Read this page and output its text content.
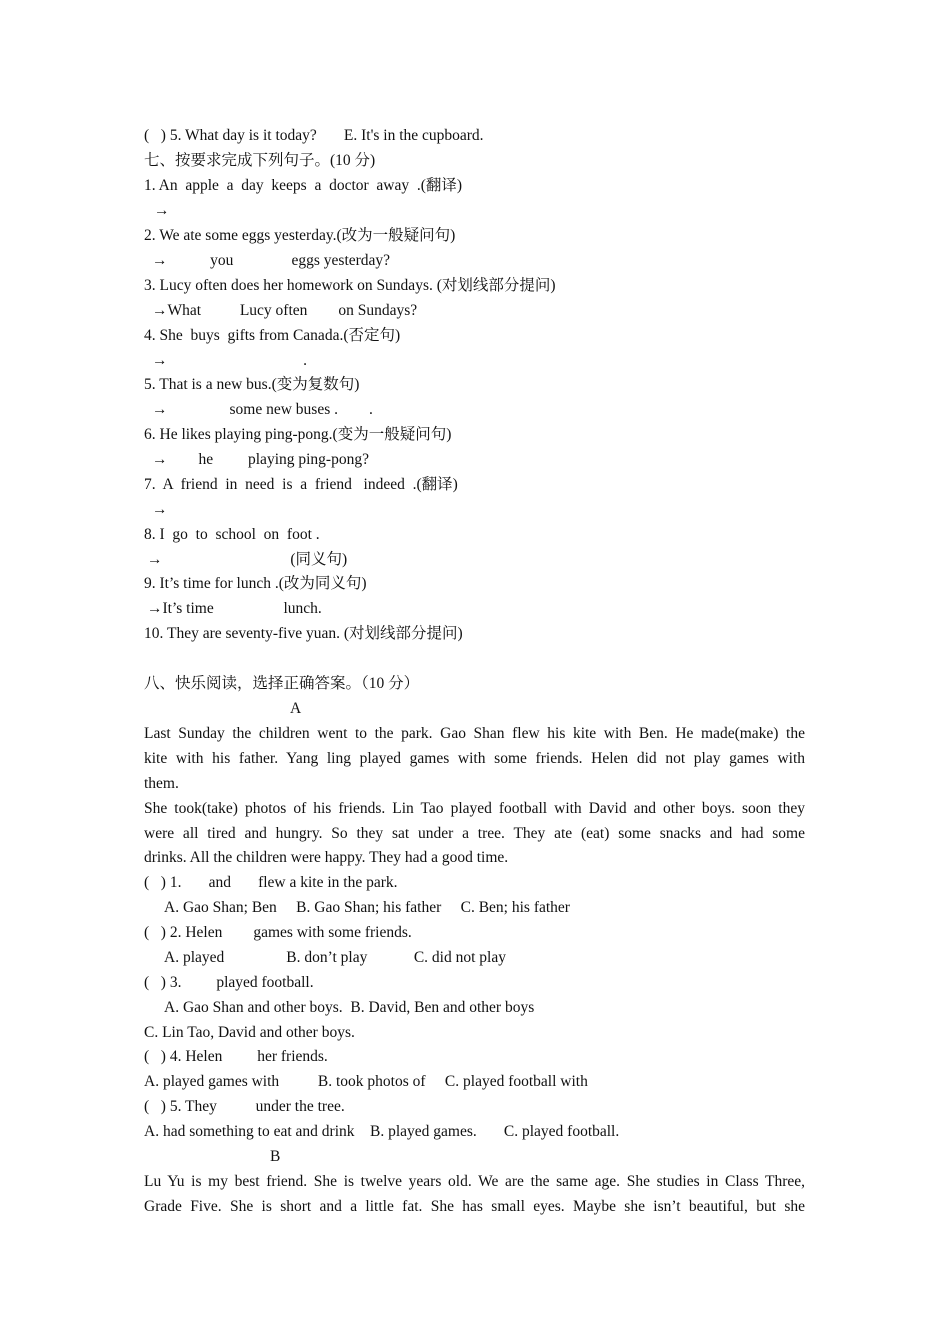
(   ) 5. What day is it today?       E. It's in the cupboard.
七、按要求完成下列句子。(10 分)
1. An  apple  a  day  keeps  a  doctor  away  .(翻译)
→
2. We ate some eggs yesterday.(改为一般疑问句)
→           you               eggs yesterday?
3. Lucy often does her homework on Sundays. (对划线部分提问)
→What          Lucy often        on Sundays?
4. She  buys  gifts from Canada.(否定句)
→                                   .
5. That is a new bus.(变为复数句)
→                some new buses .        .
6. He likes playing ping-pong.(变为一般疑问句)
→        he         playing ping-pong?
7.  A  friend  in  need  is  a  friend   indeed  .(翻译)
→
8. I  go  to  school  on  foot .
→                                 (同义句)
9. It’s time for lunch .(改为同义句)
→It’s time                  lunch.
10. They are seventy-five yuan. (对划线部分提问)
八、快乐阅读，选择正确答案。（10 分）
A
Last Sunday the children went to the park. Gao Shan flew his kite with Ben. He made(make) the
kite with his father. Yang ling played games with some friends. Helen did not play games with
them.
She took(take) photos of his friends. Lin Tao played football with David and other boys. soon they
were all tired and hungry. So they sat under a tree. They ate (eat) some snacks and had some
drinks. All the children were happy. They had a good time.
(   ) 1.       and       flew a kite in the park.
A. Gao Shan; Ben     B. Gao Shan; his father     C. Ben; his father
(   ) 2. Helen        games with some friends.
A. played                B. don’t play            C. did not play
(   ) 3.         played football.
A. Gao Shan and other boys.  B. David, Ben and other boys
C. Lin Tao, David and other boys.
(   ) 4. Helen         her friends.
A. played games with          B. took photos of     C. played football with
(   ) 5. They          under the tree.
A. had something to eat and drink    B. played games.       C. played football.
B
Lu Yu is my best friend. She is twelve years old. We are the same age. She studies in Class Three,
Grade Five. She is short and a little fat. She has small eyes. Maybe she isn’t beautiful, but she
